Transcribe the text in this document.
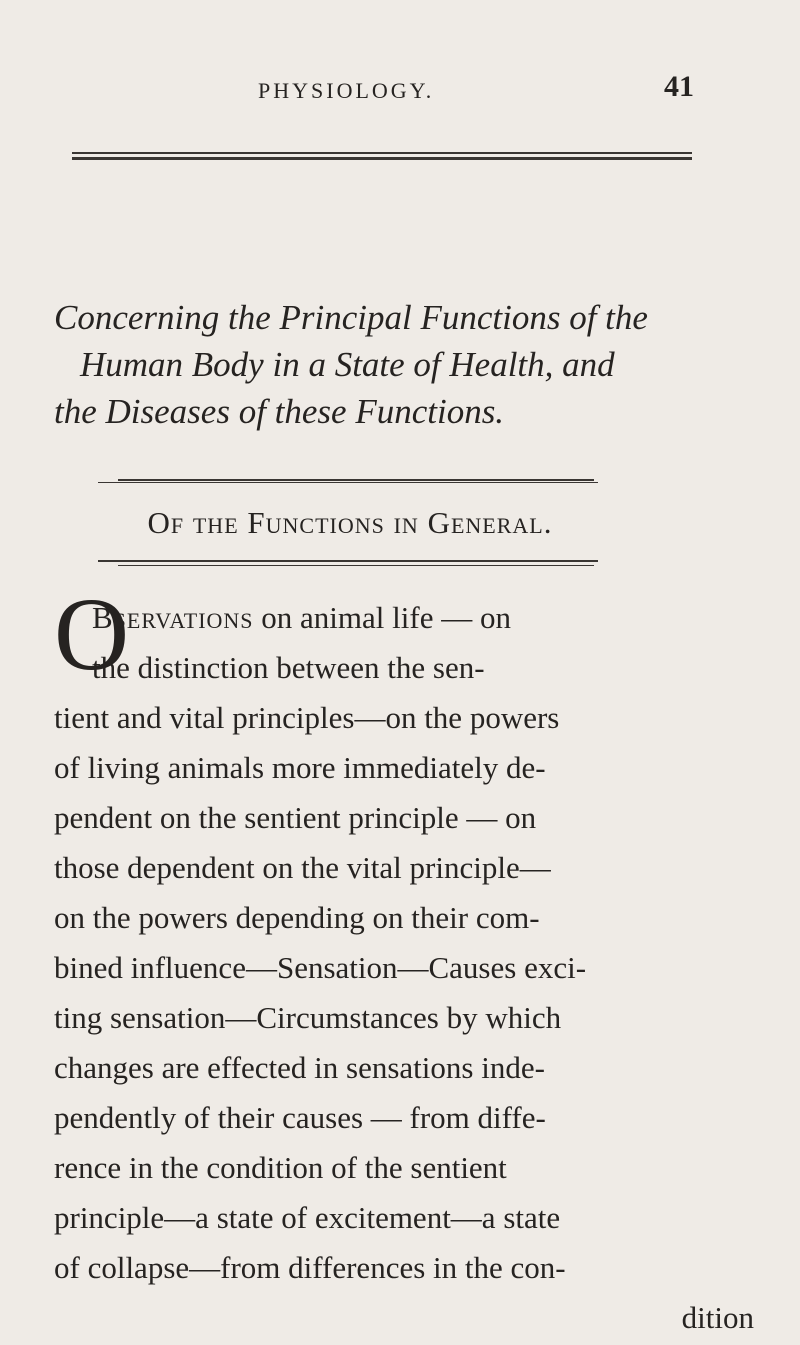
PHYSIOLOGY.	41
Concerning the Principal Functions of the
Human Body in a State of Health, and
the Diseases of these Functions.
Of the Functions in General.
O
Bservations on animal life — on
the distinction between the sen-
tient and vital principles—on the powers
of living animals more immediately de-
pendent on the sentient principle — on
those dependent on the vital principle—
on the powers depending on their com-
bined influence—Sensation—Causes exci-
ting sensation—Circumstances by which
changes are effected in sensations inde-
pendently of their causes — from diffe-
rence in the condition of the sentient
principle—a state of excitement—a state
of collapse—from differences in the con-
dition
